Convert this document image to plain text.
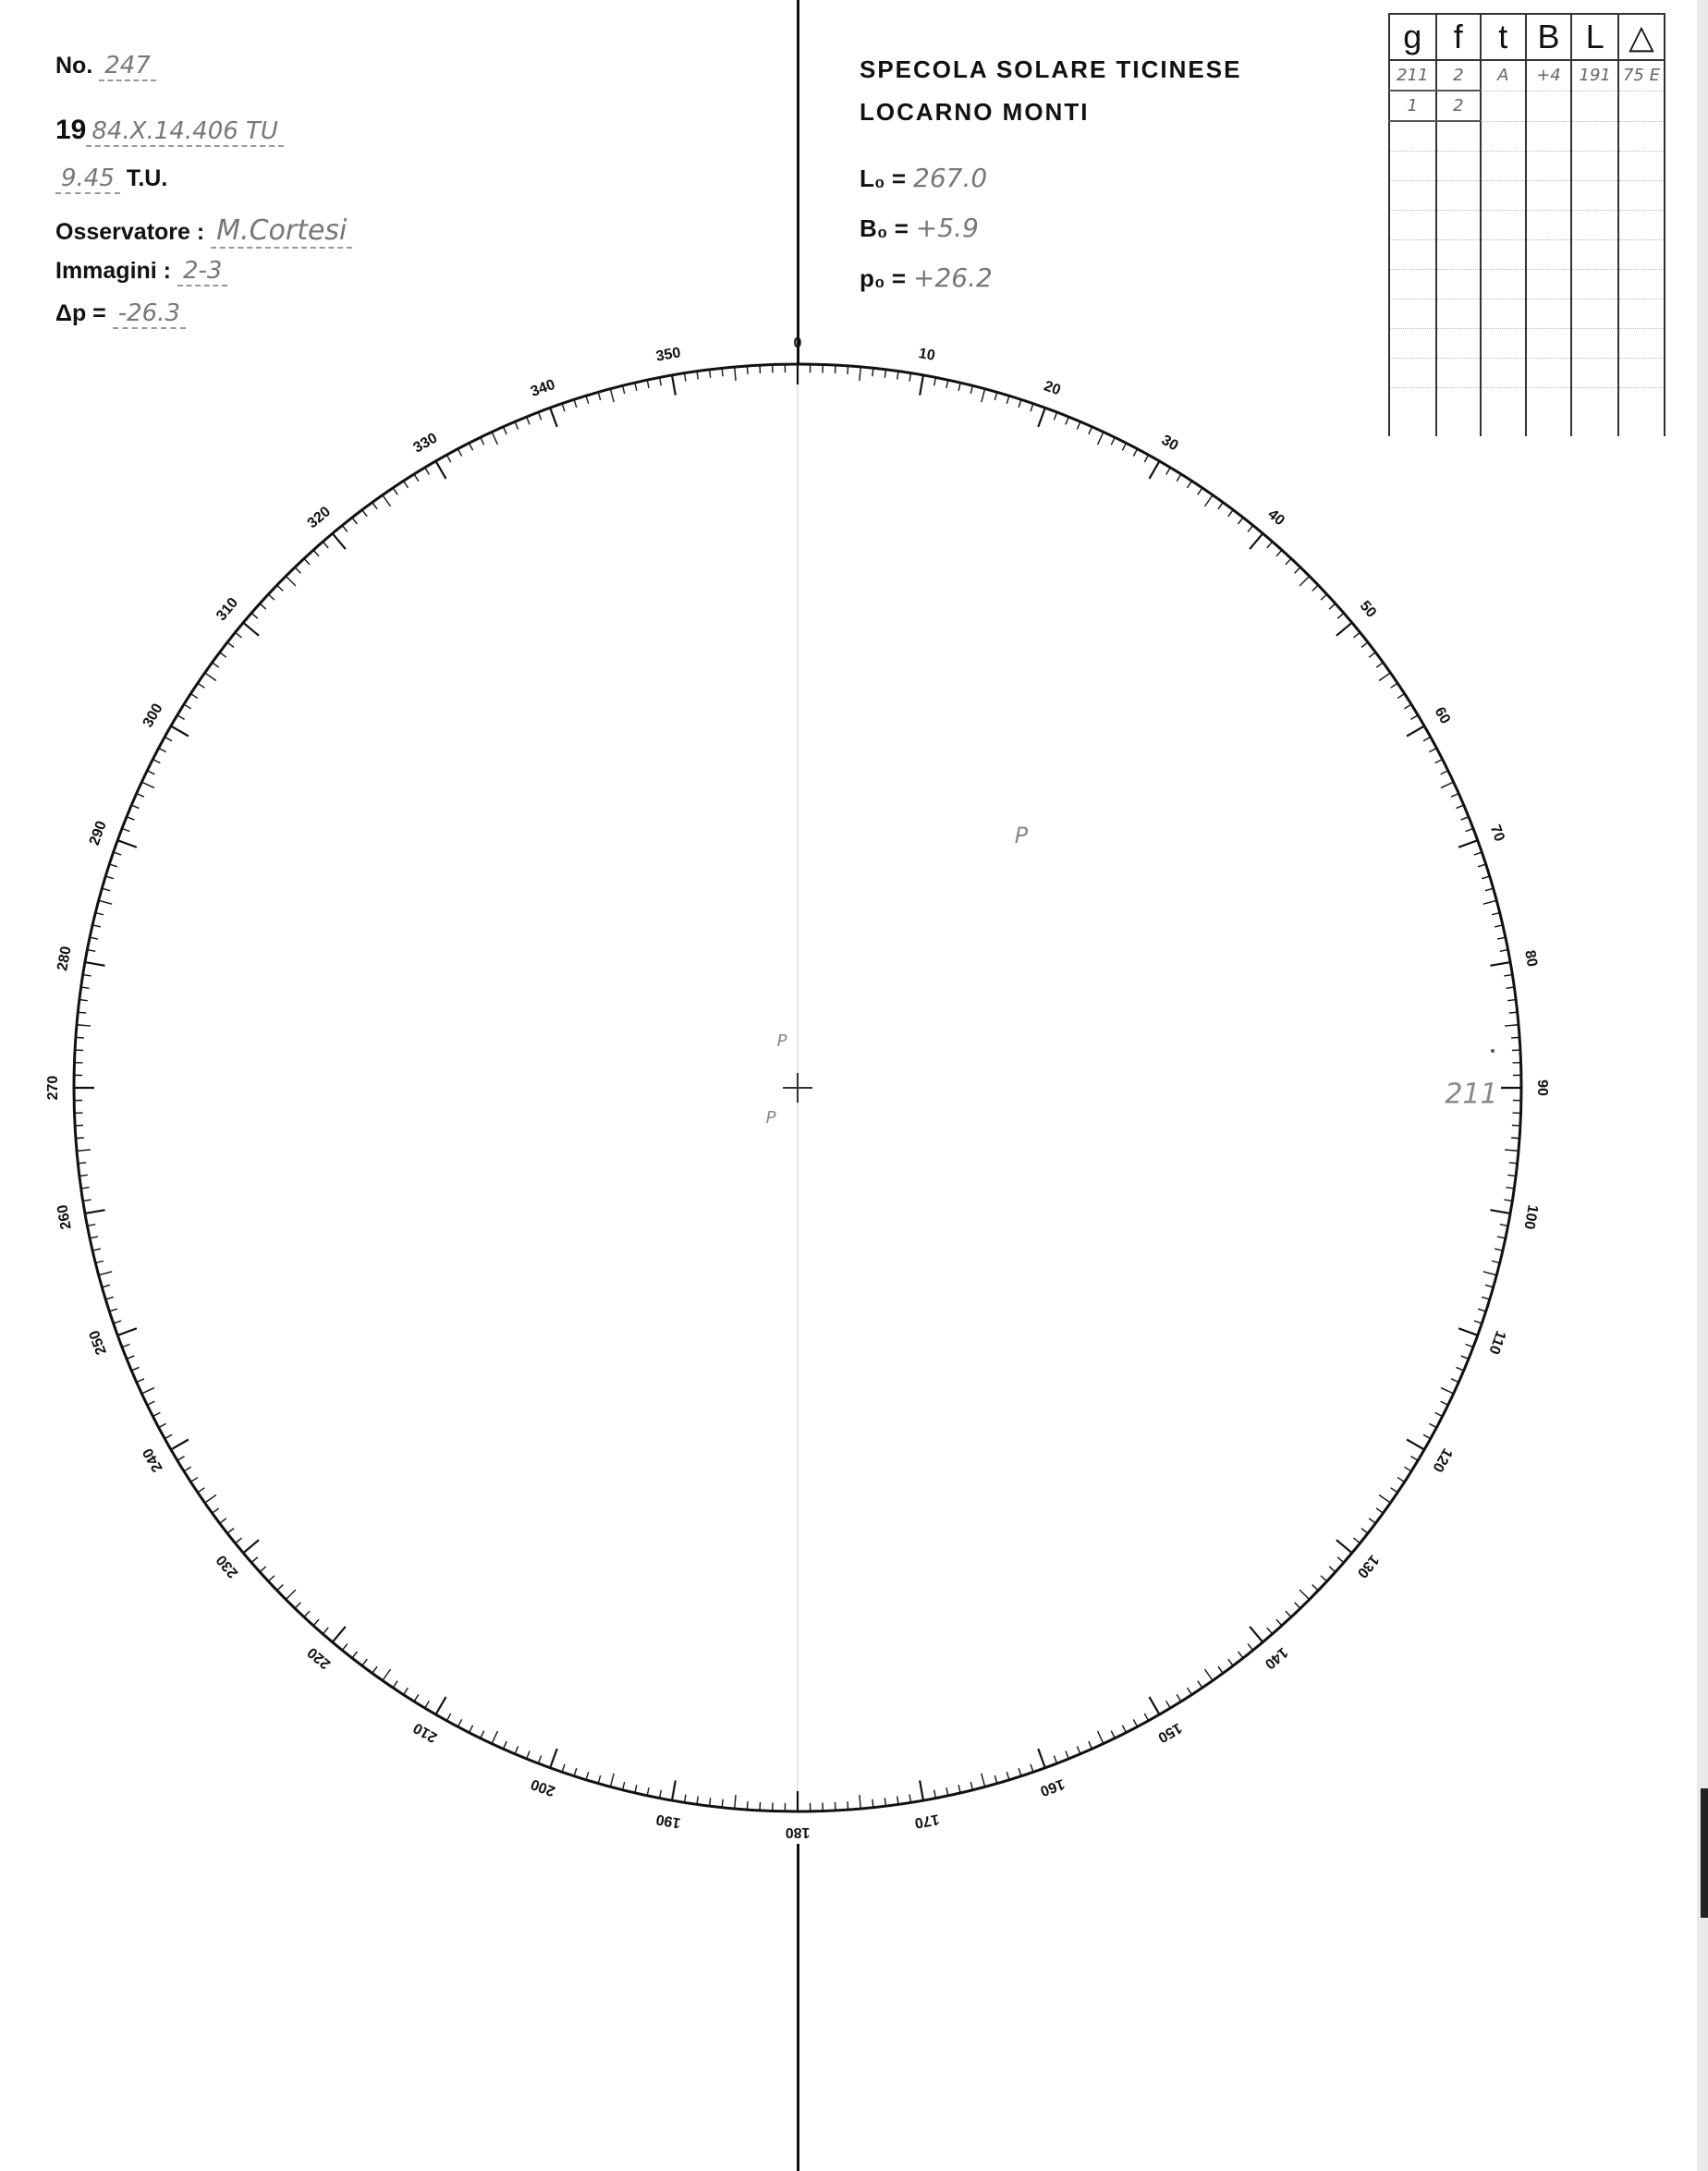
No. 247
19 84.X.14.406 TU
9.45 T.U.
Osservatore : M.Cortesi
Immagini : 2-3
Δp = -26.3
SPECOLA SOLARE TICINESE
LOCARNO MONTI
L₀ = 267.0
B₀ = +5.9
p₀ = +26.2
g	f	t	B	L	△
211	2	A	+4	191	75 E
1	2				

0
10
20
30
40
50
60
70
80
90
100
110
120
130
140
150
160
170
180
190
200
210
220
230
240
250
260
270
280
290
300
310
320
330
340
350
P
P
P
211
